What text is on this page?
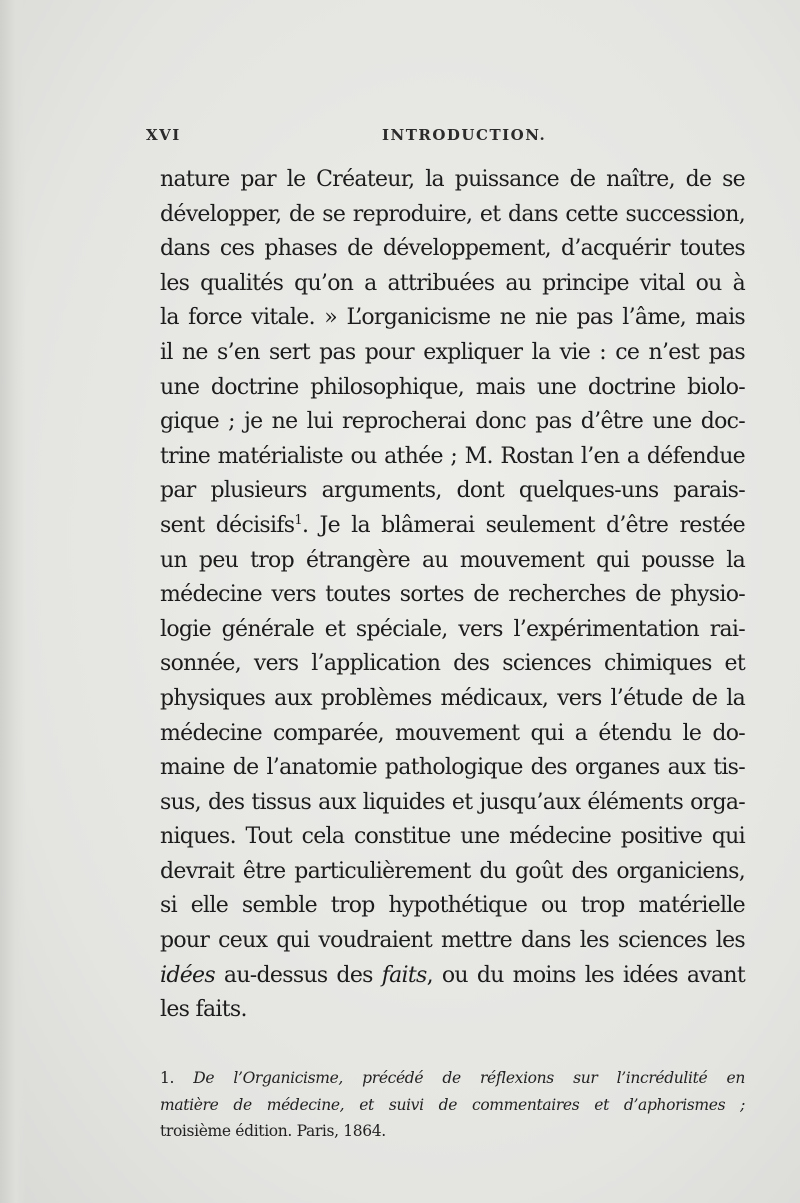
XVI	INTRODUCTION.
nature par le Créateur, la puissance de naître, de se
développer, de se reproduire, et dans cette succession,
dans ces phases de développement, d’acquérir toutes
les qualités qu’on a attribuées au principe vital ou à
la force vitale. » L’organicisme ne nie pas l’âme, mais
il ne s’en sert pas pour expliquer la vie : ce n’est pas
une doctrine philosophique, mais une doctrine biolo-
gique ; je ne lui reprocherai donc pas d’être une doc-
trine matérialiste ou athée ; M. Rostan l’en a défendue
par plusieurs arguments, dont quelques-uns parais-
sent décisifs$^1$. Je la blâmerai seulement d’être restée
un peu trop étrangère au mouvement qui pousse la
médecine vers toutes sortes de recherches de physio-
logie générale et spéciale, vers l’expérimentation rai-
sonnée, vers l’application des sciences chimiques et
physiques aux problèmes médicaux, vers l’étude de la
médecine comparée, mouvement qui a étendu le do-
maine de l’anatomie pathologique des organes aux tis-
sus, des tissus aux liquides et jusqu’aux éléments orga-
niques. Tout cela constitue une médecine positive qui
devrait être particulièrement du goût des organiciens,
si elle semble trop hypothétique ou trop matérielle
pour ceux qui voudraient mettre dans les sciences les
idées au-dessus des faits, ou du moins les idées avant
les faits.
1. De l’Organicisme, précédé de réflexions sur l’incrédulité en
matière de médecine, et suivi de commentaires et d’aphorismes ;
troisième édition. Paris, 1864.
